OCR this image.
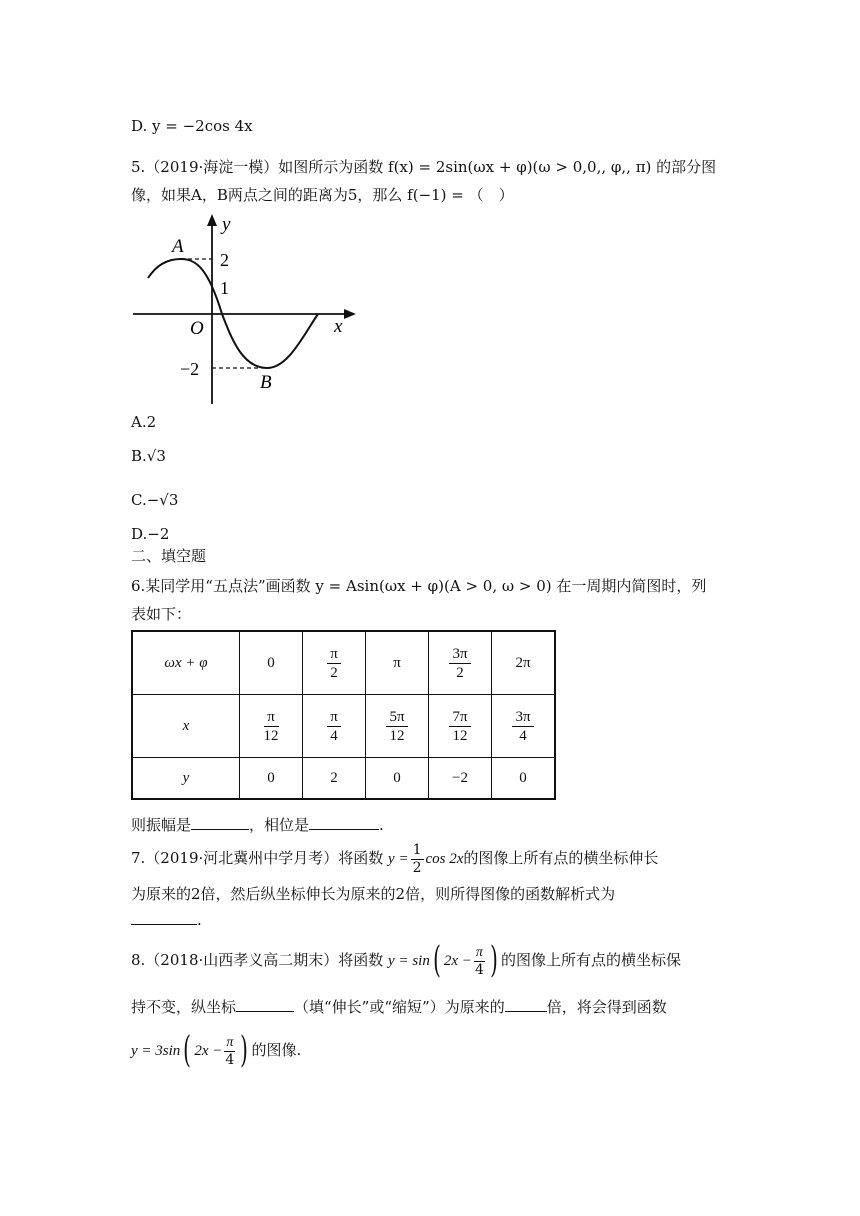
D. y = −2cos 4x
5.（2019·海淀一模）如图所示为函数 f(x) = 2sin(ωx + φ)(ω > 0,0,, φ,, π) 的部分图
像，如果A，B两点之间的距离为5，那么 f(−1) = （　）
y
x
O
A
B
2
1
−2
A.2
B.√3
C.−√3
D.−2
二、填空题
6.某同学用“五点法”画函数 y = Asin(ωx + φ)(A > 0, ω > 0) 在一周期内简图时，列
表如下：
ωx + φ	0	$\frac{\pi}{2}$	π	$\frac{3\pi}{2}$	2π
x	$\frac{\pi}{12}$	$\frac{\pi}{4}$	$\frac{5\pi}{12}$	$\frac{7\pi}{12}$	$\frac{3\pi}{4}$

y	0	2	0	−2	0
则振幅是	，相位是	.
7.（2019·河北冀州中学月考）将函数 $y = \frac{1}{2}$ cos 2x的图像上所有点的横坐标伸长
为原来的2倍，然后纵坐标伸长为原来的2倍，则所得图像的函数解析式为
.
8.（2018·山西孝义高二期末）将函数 y = sin( $2x - \frac{\pi}{4}$ ) 的图像上所有点的横坐标保
持不变，纵坐标	（填“伸长”或“缩短”）为原来的	倍，将会得到函数
y = 3sin( $2x - \frac{\pi}{4}$ ) 的图像.
